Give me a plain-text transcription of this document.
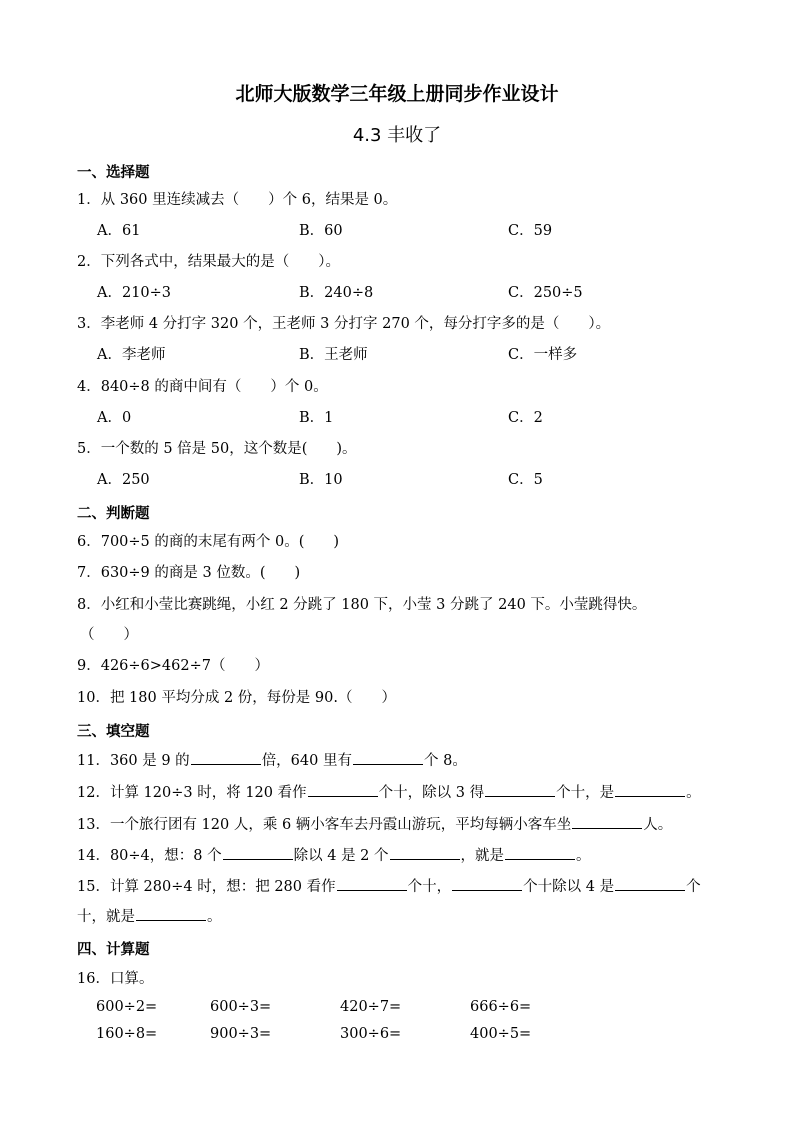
北师大版数学三年级上册同步作业设计
4.3 丰收了
一、选择题
1．从 360 里连续减去（　　）个 6，结果是 0。
A．61	B．60	C．59
2．下列各式中，结果最大的是（　　）。
A．210÷3	B．240÷8	C．250÷5
3．李老师 4 分打字 320 个，王老师 3 分打字 270 个，每分打字多的是（　　）。
A．李老师	B．王老师	C．一样多
4．840÷8 的商中间有（　　）个 0。
A．0	B．1	C．2
5．一个数的 5 倍是 50，这个数是(　　)。
A．250	B．10	C．5
二、判断题
6．700÷5 的商的末尾有两个 0。(　　)
7．630÷9 的商是 3 位数。(　　)
8．小红和小莹比赛跳绳，小红 2 分跳了 180 下，小莹 3 分跳了 240 下。小莹跳得快。
（　　）
9．426÷6>462÷7（　　）
10．把 180 平均分成 2 份，每份是 90.（　　）
三、填空题
11．360 是 9 的	倍，640 里有	个 8。
12．计算 120÷3 时，将 120 看作	个十，除以 3 得	个十，是	。
13．一个旅行团有 120 人，乘 6 辆小客车去丹霞山游玩，平均每辆小客车坐	人。
14．80÷4，想：8 个	除以 4 是 2 个	，就是	。
15．计算 280÷4 时，想：把 280 看作	个十，	个十除以 4 是	个
十，就是	。
四、计算题
16．口算。
600÷2=	600÷3=	420÷7=	666÷6=
160÷8=	900÷3=	300÷6=	400÷5=
